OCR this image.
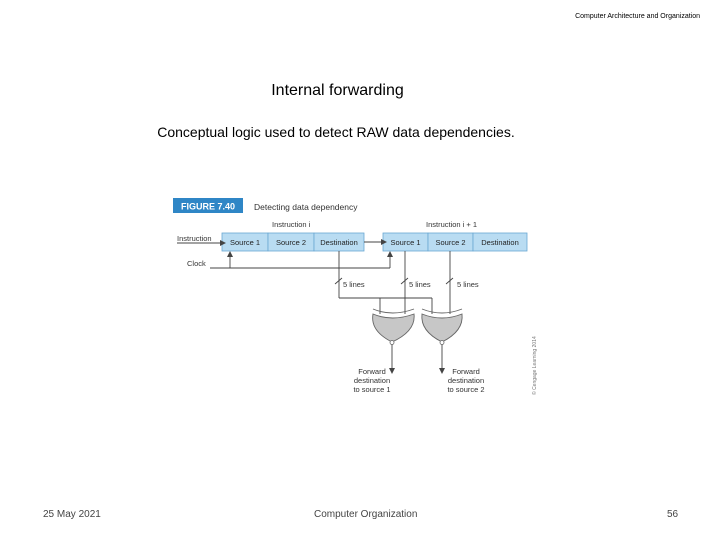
Computer Architecture and Organization
Internal forwarding
Conceptual logic used to detect RAW data dependencies.
FIGURE 7.40 Detecting data dependency
Instruction i	Instruction i + 1
Instruction
Clock
Source 1 Source 2 Destination	Source 1 Source 2 Destination
5 lines	5 lines	5 lines
Forward
destination
to source 1
Forward
destination
to source 2	© Cengage Learning 2014
25 May 2021	Computer Organization	56
